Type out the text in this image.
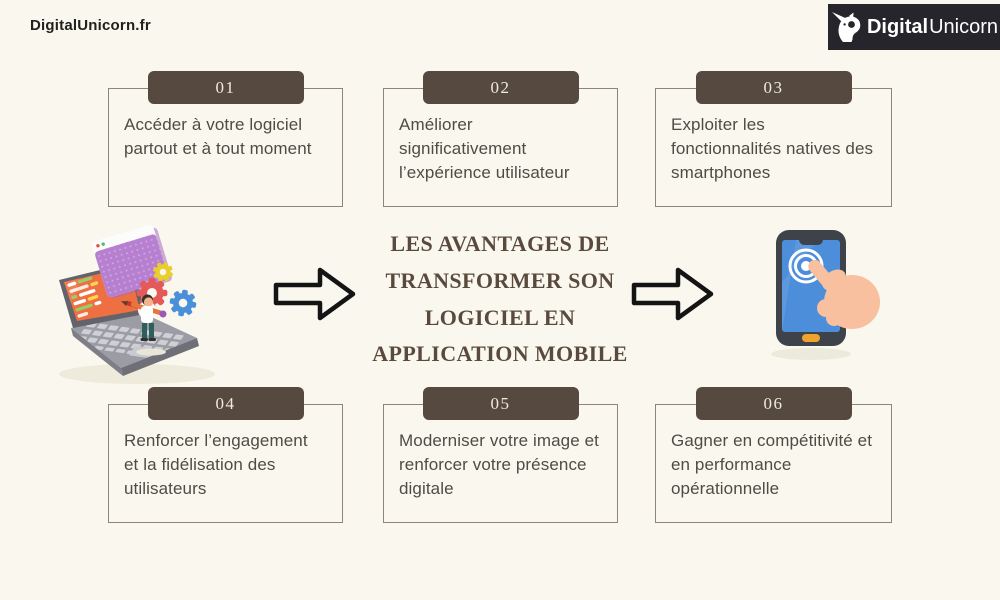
DigitalUnicorn.fr	Digital Unicorn
01
Accéder à votre logiciel partout et à tout moment
02
Améliorer significativement l’expérience utilisateur
03
Exploiter les fonctionnalités natives des smartphones
04
Renforcer l’engagement et la fidélisation des utilisateurs
05
Moderniser votre image et renforcer votre présence digitale
06
Gagner en compétitivité et en performance opérationnelle
LES AVANTAGES DE
TRANSFORMER SON
LOGICIEL EN
APPLICATION MOBILE
